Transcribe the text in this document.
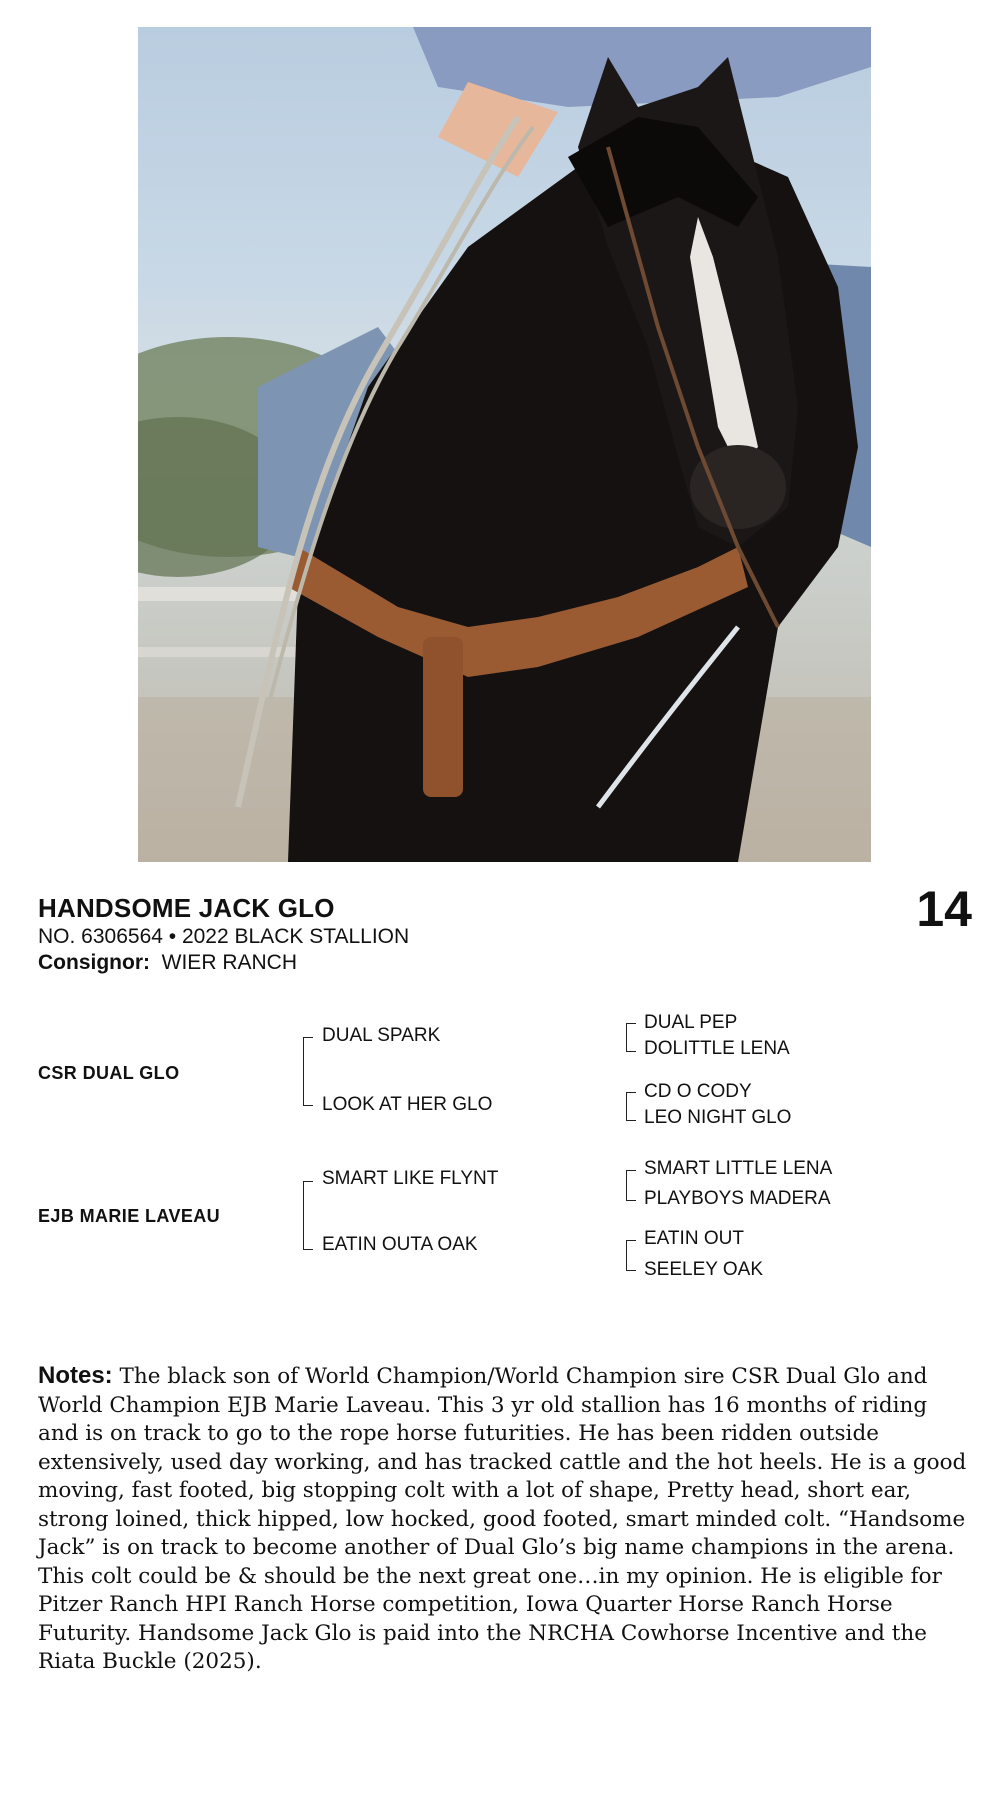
HANDSOME JACK GLO
NO. 6306564 • 2022 BLACK STALLION
Consignor: WIER RANCH
14
CSR DUAL GLO
EJB MARIE LAVEAU
DUAL SPARK
LOOK AT HER GLO
SMART LIKE FLYNT
EATIN OUTA OAK
DUAL PEP
DOLITTLE LENA
CD O CODY
LEO NIGHT GLO
SMART LITTLE LENA
PLAYBOYS MADERA
EATIN OUT
SEELEY OAK
Notes: The black son of World Champion/World Champion sire CSR Dual Glo and World Champion EJB Marie Laveau. This 3 yr old stallion has 16 months of riding and is on track to go to the rope horse futurities. He has been ridden outside extensively, used day working, and has tracked cattle and the hot heels. He is a good moving, fast footed, big stopping colt with a lot of shape, Pretty head, short ear, strong loined, thick hipped, low hocked, good footed, smart minded colt. “Handsome Jack” is on track to become another of Dual Glo’s big name champions in the arena. This colt could be & should be the next great one…in my opinion. He is eligible for Pitzer Ranch HPI Ranch Horse competition, Iowa Quarter Horse Ranch Horse Futurity. Handsome Jack Glo is paid into the NRCHA Cowhorse Incentive and the Riata Buckle (2025).
